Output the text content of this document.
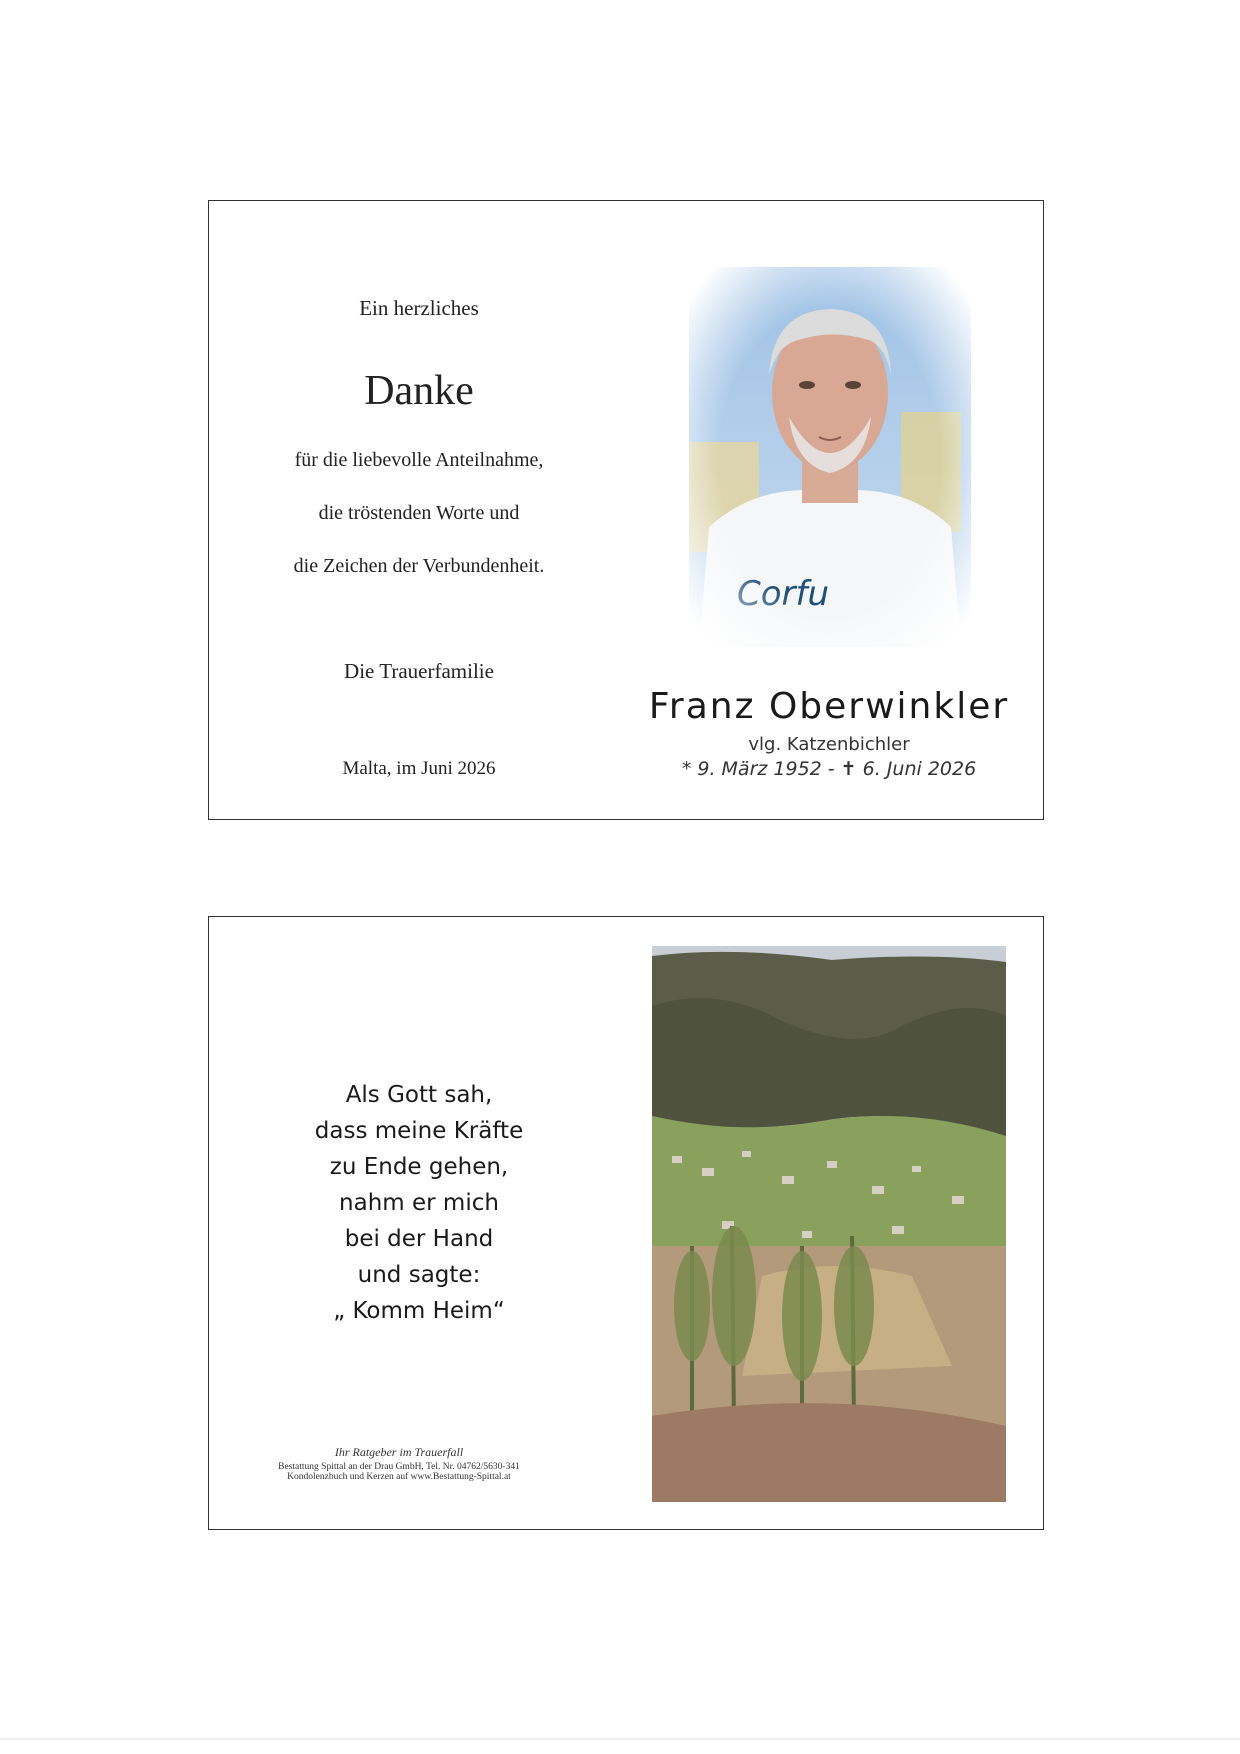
Ein herzliches
Danke
für die liebevolle Anteilnahme,
die tröstenden Worte und
die Zeichen der Verbundenheit.
Die Trauerfamilie
Malta, im Juni 2026
Franz Oberwinkler
vlg. Katzenbichler
* 9. März 1952 - ✝ 6. Juni 2026
Als Gott sah,
dass meine Kräfte
zu Ende gehen,
nahm er mich
bei der Hand
und sagte:
„ Komm Heim“
Ihr Ratgeber im Trauerfall
Bestattung Spittal an der Drau GmbH, Tel. Nr. 04762/5630-341
Kondolenzbuch und Kerzen auf www.Bestattung-Spittal.at
